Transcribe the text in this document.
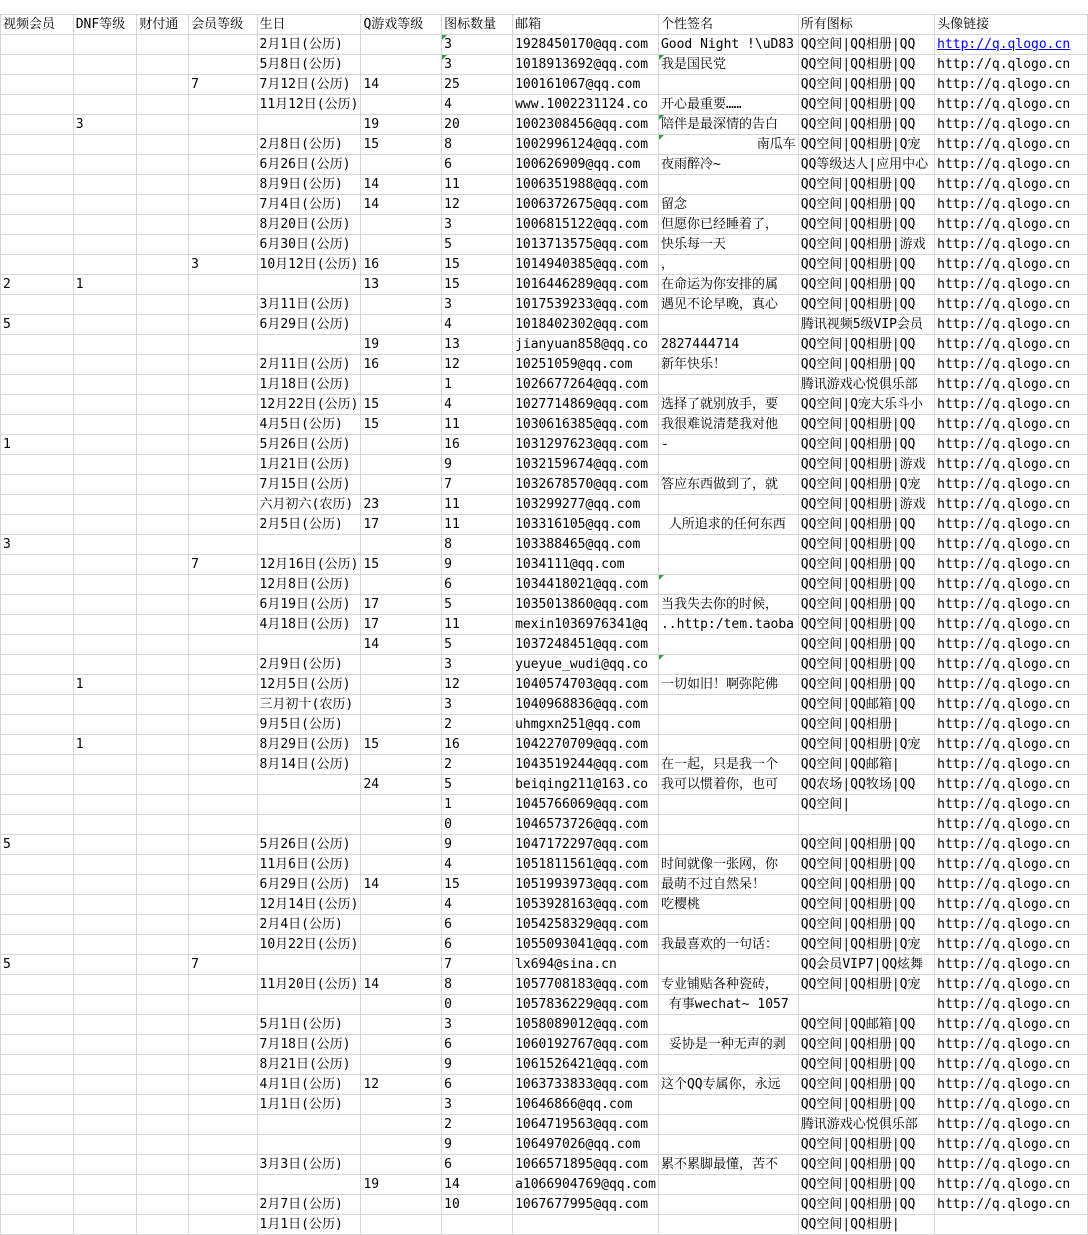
视频会员	DNF等级	财付通	会员等级	生日	Q游戏等级	图标数量	邮箱	个性签名	所有图标	头像链接
				2月1日(公历)		3	1928450170@qq.com	Good Night !\uD83	QQ空间|QQ相册|QQ	http://q.qlogo.cn
				5月8日(公历)		3	1018913692@qq.com	我是国民党	QQ空间|QQ相册|QQ	http://q.qlogo.cn
			7	7月12日(公历)	14	25	100161067@qq.com		QQ空间|QQ相册|QQ	http://q.qlogo.cn
				11月12日(公历)		4	www.1002231124.co	开心最重要……	QQ空间|QQ相册|QQ	http://q.qlogo.cn
	3				19	20	1002308456@qq.com	陪伴是最深情的告白	QQ空间|QQ相册|QQ	http://q.qlogo.cn
				2月8日(公历)	15	8	1002996124@qq.com	南瓜车	QQ空间|QQ相册|Q宠	http://q.qlogo.cn
				6月26日(公历)		6	100626909@qq.com	夜雨醉冷~	QQ等级达人|应用中心	http://q.qlogo.cn
				8月9日(公历)	14	11	1006351988@qq.com		QQ空间|QQ相册|QQ	http://q.qlogo.cn
				7月4日(公历)	14	12	1006372675@qq.com	留念	QQ空间|QQ相册|QQ	http://q.qlogo.cn
				8月20日(公历)		3	1006815122@qq.com	但愿你已经睡着了，	QQ空间|QQ相册|QQ	http://q.qlogo.cn
				6月30日(公历)		5	1013713575@qq.com	快乐每一天	QQ空间|QQ相册|游戏	http://q.qlogo.cn
			3	10月12日(公历)	16	15	1014940385@qq.com	，	QQ空间|QQ相册|QQ	http://q.qlogo.cn
2	1				13	15	1016446289@qq.com	在命运为你安排的属	QQ空间|QQ相册|QQ	http://q.qlogo.cn
				3月11日(公历)		3	1017539233@qq.com	遇见不论早晚，真心	QQ空间|QQ相册|QQ	http://q.qlogo.cn
5				6月29日(公历)		4	1018402302@qq.com		腾讯视频5级VIP会员	http://q.qlogo.cn
					19	13	jianyuan858@qq.co	2827444714	QQ空间|QQ相册|QQ	http://q.qlogo.cn
				2月11日(公历)	16	12	10251059@qq.com	新年快乐！	QQ空间|QQ相册|QQ	http://q.qlogo.cn
				1月18日(公历)		1	1026677264@qq.com		腾讯游戏心悦俱乐部	http://q.qlogo.cn
				12月22日(公历)	15	4	1027714869@qq.com	选择了就别放手，要	QQ空间|Q宠大乐斗小	http://q.qlogo.cn
				4月5日(公历)	15	11	1030616385@qq.com	我很难说清楚我对他	QQ空间|QQ相册|QQ	http://q.qlogo.cn
1				5月26日(公历)		16	1031297623@qq.com	-	QQ空间|QQ相册|QQ	http://q.qlogo.cn
				1月21日(公历)		9	1032159674@qq.com		QQ空间|QQ相册|游戏	http://q.qlogo.cn
				7月15日(公历)		7	1032678570@qq.com	答应东西做到了，就	QQ空间|QQ相册|Q宠	http://q.qlogo.cn
				六月初六(农历)	23	11	103299277@qq.com		QQ空间|QQ相册|游戏	http://q.qlogo.cn
				2月5日(公历)	17	11	103316105@qq.com	人所追求的任何东西	QQ空间|QQ相册|QQ	http://q.qlogo.cn
3						8	103388465@qq.com		QQ空间|QQ相册|QQ	http://q.qlogo.cn
			7	12月16日(公历)	15	9	1034111@qq.com		QQ空间|QQ相册|QQ	http://q.qlogo.cn
				12月8日(公历)		6	1034418021@qq.com		QQ空间|QQ相册|QQ	http://q.qlogo.cn
				6月19日(公历)	17	5	1035013860@qq.com	当我失去你的时候，	QQ空间|QQ相册|QQ	http://q.qlogo.cn
				4月18日(公历)	17	11	mexin1036976341@q	..http:/tem.taoba	QQ空间|QQ相册|QQ	http://q.qlogo.cn
					14	5	1037248451@qq.com		QQ空间|QQ相册|QQ	http://q.qlogo.cn
				2月9日(公历)		3	yueyue_wudi@qq.co		QQ空间|QQ相册|QQ	http://q.qlogo.cn
	1			12月5日(公历)		12	1040574703@qq.com	一切如旧！啊弥陀佛	QQ空间|QQ相册|QQ	http://q.qlogo.cn
				三月初十(农历)		3	1040968836@qq.com		QQ空间|QQ邮箱|QQ	http://q.qlogo.cn
				9月5日(公历)		2	uhmgxn251@qq.com		QQ空间|QQ相册|	http://q.qlogo.cn
	1			8月29日(公历)	15	16	1042270709@qq.com		QQ空间|QQ相册|Q宠	http://q.qlogo.cn
				8月14日(公历)		2	1043519244@qq.com	在一起，只是我一个	QQ空间|QQ邮箱|	http://q.qlogo.cn
					24	5	beiqing211@163.co	我可以惯着你，也可	QQ农场|QQ牧场|QQ	http://q.qlogo.cn
						1	1045766069@qq.com		QQ空间|	http://q.qlogo.cn
						0	1046573726@qq.com			http://q.qlogo.cn
5				5月26日(公历)		9	1047172297@qq.com		QQ空间|QQ相册|QQ	http://q.qlogo.cn
				11月6日(公历)		4	1051811561@qq.com	时间就像一张网，你	QQ空间|QQ相册|QQ	http://q.qlogo.cn
				6月29日(公历)	14	15	1051993973@qq.com	最萌不过自然呆！	QQ空间|QQ相册|QQ	http://q.qlogo.cn
				12月14日(公历)		4	1053928163@qq.com	吃樱桃	QQ空间|QQ相册|QQ	http://q.qlogo.cn
				2月4日(公历)		6	1054258329@qq.com		QQ空间|QQ相册|QQ	http://q.qlogo.cn
				10月22日(公历)		6	1055093041@qq.com	我最喜欢的一句话：	QQ空间|QQ相册|Q宠	http://q.qlogo.cn
5			7			7	lx694@sina.cn		QQ会员VIP7|QQ炫舞	http://q.qlogo.cn
				11月20日(公历)	14	8	1057708183@qq.com	专业铺贴各种瓷砖，	QQ空间|QQ相册|Q宠	http://q.qlogo.cn
						0	1057836229@qq.com	有事wechat~ 1057		http://q.qlogo.cn
				5月1日(公历)		3	1058089012@qq.com		QQ空间|QQ邮箱|QQ	http://q.qlogo.cn
				7月18日(公历)		6	1060192767@qq.com	妥协是一种无声的剥	QQ空间|QQ相册|QQ	http://q.qlogo.cn
				8月21日(公历)		9	1061526421@qq.com		QQ空间|QQ相册|QQ	http://q.qlogo.cn
				4月1日(公历)	12	6	1063733833@qq.com	这个QQ专属你，永远	QQ空间|QQ相册|QQ	http://q.qlogo.cn
				1月1日(公历)		3	10646866@qq.com		QQ空间|QQ相册|QQ	http://q.qlogo.cn
						2	1064719563@qq.com		腾讯游戏心悦俱乐部	http://q.qlogo.cn
						9	106497026@qq.com		QQ空间|QQ相册|QQ	http://q.qlogo.cn
				3月3日(公历)		6	1066571895@qq.com	累不累脚最懂，苦不	QQ空间|QQ相册|QQ	http://q.qlogo.cn
					19	14	a1066904769@qq.com		QQ空间|QQ相册|QQ	http://q.qlogo.cn
				2月7日(公历)		10	1067677995@qq.com		QQ空间|QQ相册|QQ	http://q.qlogo.cn
				1月1日(公历)					QQ空间|QQ相册|	
